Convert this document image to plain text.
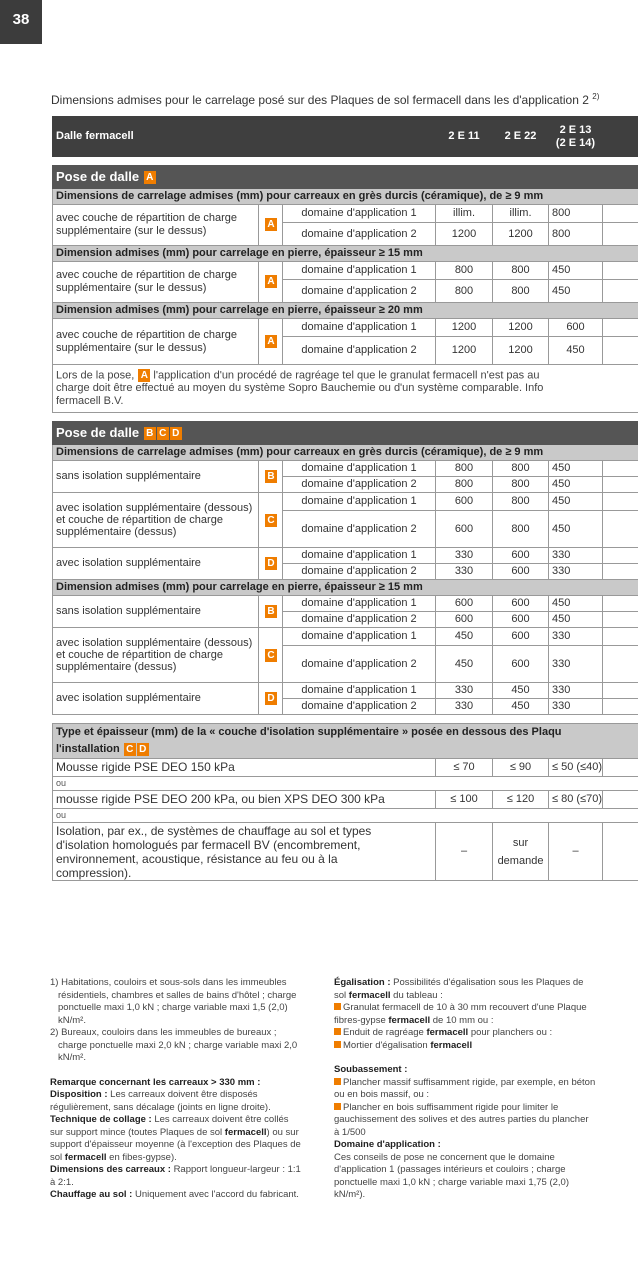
38
Dimensions admises pour le carrelage posé sur des Plaques de sol fermacell dans les d'application 2 $^{2)}$
Dalle fermacell			2 E 11	2 E 22	2 E 13
(2 E 14)	

Pose de dalle A						
Dimensions de carrelage admises (mm) pour carreaux en grès durcis (céramique), de ≥ 9 mm						
avec couche de répartition de charge supplémentaire (sur le dessus)	A	domaine d'application 1	illim.	illim.	800	
		domaine d'application 2	1200	1200	800	
Dimension admises (mm) pour carrelage en pierre, épaisseur ≥ 15 mm						
avec couche de répartition de charge supplémentaire (sur le dessus)	A	domaine d'application 1	800	800	450	
		domaine d'application 2	800	800	450	
Dimension admises (mm) pour carrelage en pierre, épaisseur ≥ 20 mm						
avec couche de répartition de charge supplémentaire (sur le dessus)	A	domaine d'application 1	1200	1200	600	
		domaine d'application 2	1200	1200	450	
Lors de la pose, A l'application d'un procédé de ragréage tel que le granulat fermacell n'est pas au
charge doit être effectué au moyen du système Sopro Bauchemie ou d'un système comparable. Info
fermacell B.V.						

Pose de dalle B C D						
Dimensions de carrelage admises (mm) pour carreaux en grès durcis (céramique), de ≥ 9 mm						
sans isolation supplémentaire	B	domaine d'application 1	800	800	450	
		domaine d'application 2	800	800	450	
avec isolation supplémentaire (dessous) et couche de répartition de charge supplémentaire (dessus)	C	domaine d'application 1	600	800	450	
		domaine d'application 2	600	800	450	
avec isolation supplémentaire	D	domaine d'application 1	330	600	330	
		domaine d'application 2	330	600	330	
Dimension admises (mm) pour carrelage en pierre, épaisseur ≥ 15 mm						
sans isolation supplémentaire	B	domaine d'application 1	600	600	450	
		domaine d'application 2	600	600	450	
avec isolation supplémentaire (dessous) et couche de répartition de charge supplémentaire (dessus)	C	domaine d'application 1	450	600	330	
		domaine d'application 2	450	600	330	
avec isolation supplémentaire	D	domaine d'application 1	330	450	330	
		domaine d'application 2	330	450	330	

Type et épaisseur (mm) de la « couche d'isolation supplémentaire » posée en dessous des Plaqu
l'installation C D						
Mousse rigide PSE DEO 150 kPa			≤ 70	≤ 90	≤ 50 (≤40)	
ou						
mousse rigide PSE DEO 200 kPa, ou bien XPS DEO 300 kPa			≤ 100	≤ 120	≤ 80 (≤70)	
ou						
Isolation, par ex., de systèmes de chauffage au sol et types d'isolation homologués par fermacell BV (encombrement, environnement, acoustique, résistance au feu ou à la compression).			–	sur
demande	–	

1) Habitations, couloirs et sous-sols dans les immeubles résidentiels, chambres et salles de bains d'hôtel ; charge ponctuelle maxi 1,0 kN ; charge variable maxi 1,5 (2,0) kN/m².

2) Bureaux, couloirs dans les immeubles de bureaux ; charge ponctuelle maxi 2,0 kN ; charge variable maxi 2,0 kN/m².

Remarque concernant les carreaux > 330 mm :

Disposition : Les carreaux doivent être disposés régulièrement, sans décalage (joints en ligne droite).

Technique de collage : Les carreaux doivent être collés sur support mince (toutes Plaques de sol fermacell) ou sur support d'épaisseur moyenne (à l'exception des Plaques de sol fermacell en fibes-gypse).

Dimensions des carreaux : Rapport longueur-largeur : 1:1 à 2:1.

Chauffage au sol : Uniquement avec l'accord du fabricant.

Égalisation : Possibilités d'égalisation sous les Plaques de sol fermacell du tableau :

Granulat fermacell de 10 à 30 mm recouvert d'une Plaque fibres-gypse fermacell de 10 mm ou :

Enduit de ragréage fermacell pour planchers ou :

Mortier d'égalisation fermacell

Soubassement :

Plancher massif suffisamment rigide, par exemple, en béton ou en bois massif, ou :

Plancher en bois suffisamment rigide pour limiter le gauchissement des solives et des autres parties du plancher à 1/500

Domaine d'application :

Ces conseils de pose ne concernent que le domaine d'application 1 (passages intérieurs et couloirs ; charge ponctuelle maxi 1,0 kN ; charge variable maxi 1,75 (2,0) kN/m²).
